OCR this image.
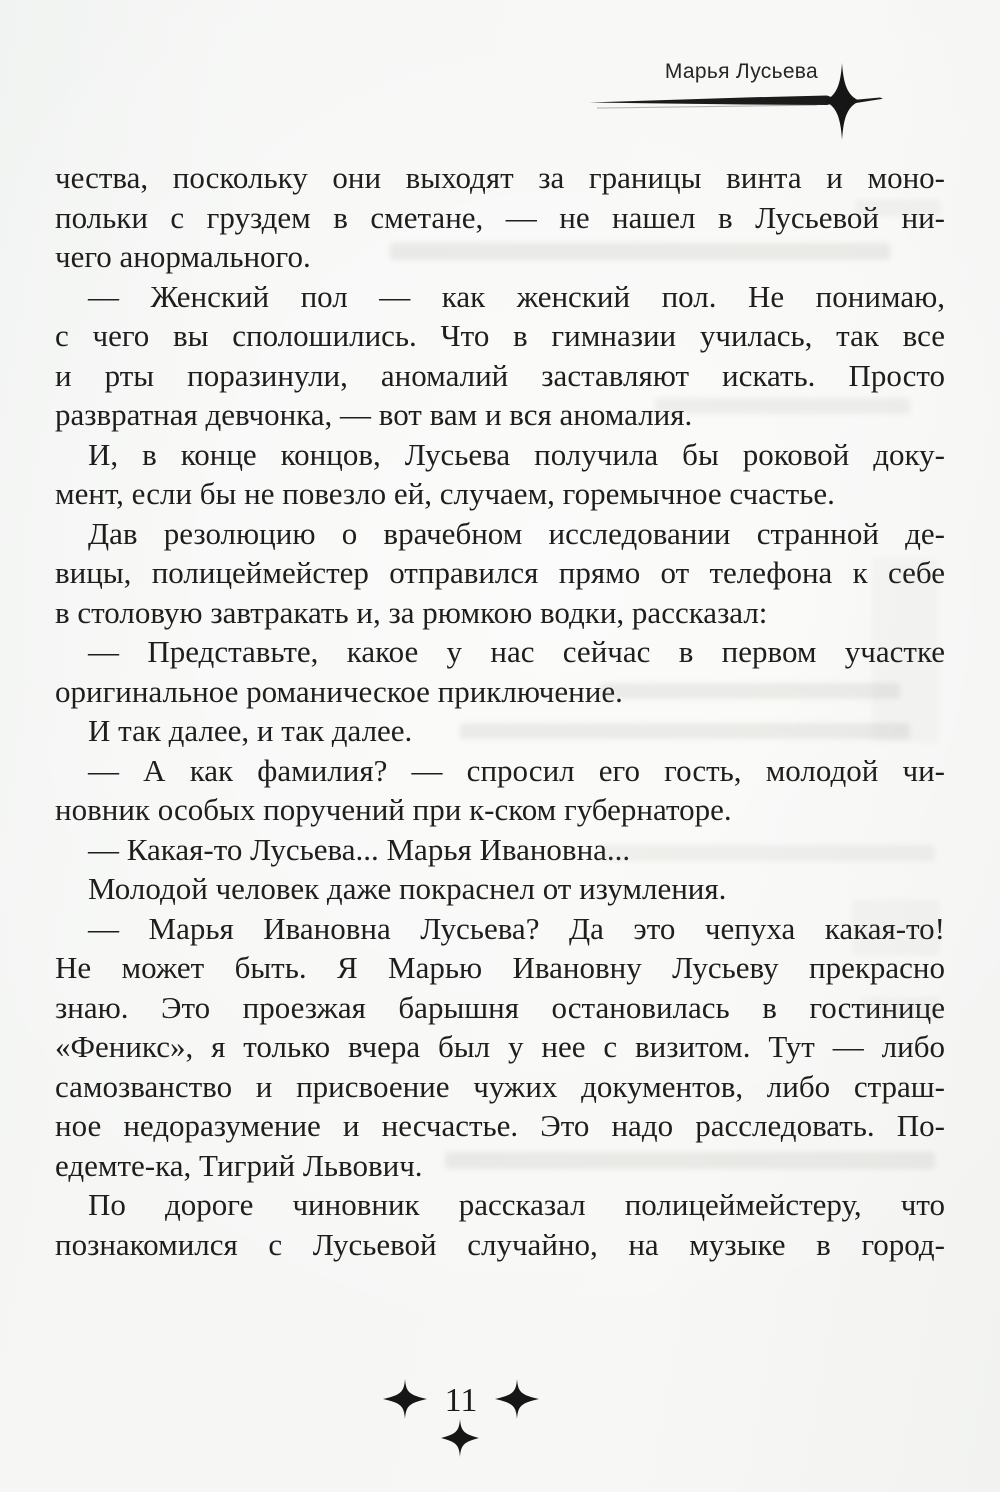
Марья Лусьева
чества, поскольку они выходят за границы винта и моно-
польки с груздем в сметане, — не нашел в Лусьевой ни-
чего анормального.
— Женский пол — как женский пол. Не понимаю,
с чего вы сполошились. Что в гимназии училась, так все
и рты поразинули, аномалий заставляют искать. Просто
развратная девчонка, — вот вам и вся аномалия.
И, в конце концов, Лусьева получила бы роковой доку-
мент, если бы не повезло ей, случаем, горемычное счастье.
Дав резолюцию о врачебном исследовании странной де-
вицы, полицеймейстер отправился прямо от телефона к себе
в столовую завтракать и, за рюмкою водки, рассказал:
— Представьте, какое у нас сейчас в первом участке
оригинальное романическое приключение.
И так далее, и так далее.
— А как фамилия? — спросил его гость, молодой чи-
новник особых поручений при к-ском губернаторе.
— Какая-то Лусьева... Марья Ивановна...
Молодой человек даже покраснел от изумления.
— Марья Ивановна Лусьева? Да это чепуха какая-то!
Не может быть. Я Марью Ивановну Лусьеву прекрасно
знаю. Это проезжая барышня остановилась в гостинице
«Феникс», я только вчера был у нее с визитом. Тут — либо
самозванство и присвоение чужих документов, либо страш-
ное недоразумение и несчастье. Это надо расследовать. По-
едемте-ка, Тигрий Львович.
По дороге чиновник рассказал полицеймейстеру, что
познакомился с Лусьевой случайно, на музыке в город-
11
